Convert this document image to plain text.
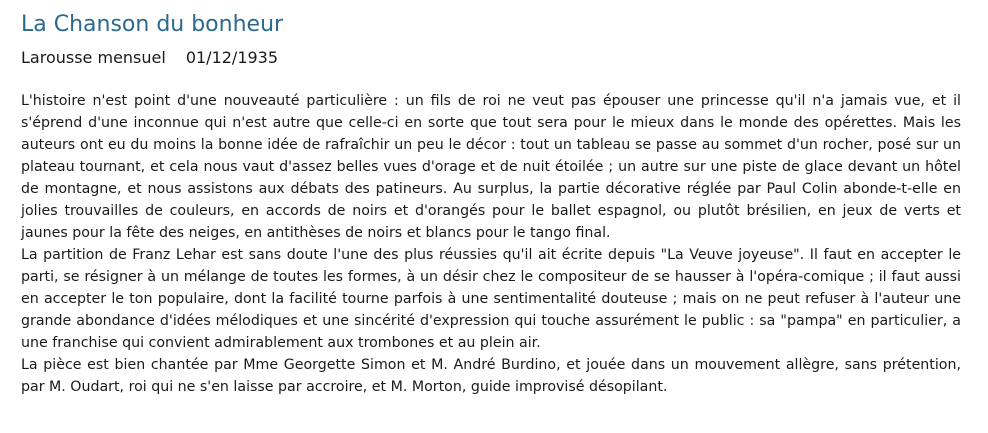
La Chanson du bonheur
Larousse mensuel 01/12/1935

L'histoire n'est point d'une nouveauté particulière : un fils de roi ne veut pas épouser une princesse qu'il n'a jamais vue, et il s'éprend d'une inconnue qui n'est autre que celle-ci en sorte que tout sera pour le mieux dans le monde des opérettes. Mais les auteurs ont eu du moins la bonne idée de rafraîchir un peu le décor : tout un tableau se passe au sommet d'un rocher, posé sur un plateau tournant, et cela nous vaut d'assez belles vues d'orage et de nuit étoilée ; un autre sur une piste de glace devant un hôtel de montagne, et nous assistons aux débats des patineurs. Au surplus, la partie décorative réglée par Paul Colin abonde-t-elle en jolies trouvailles de couleurs, en accords de noirs et d'orangés pour le ballet espagnol, ou plutôt brésilien, en jeux de verts et jaunes pour la fête des neiges, en antithèses de noirs et blancs pour le tango final.

La partition de Franz Lehar est sans doute l'une des plus réussies qu'il ait écrite depuis "La Veuve joyeuse". Il faut en accepter le parti, se résigner à un mélange de toutes les formes, à un désir chez le compositeur de se hausser à l'opéra-comique ; il faut aussi en accepter le ton populaire, dont la facilité tourne parfois à une sentimentalité douteuse ; mais on ne peut refuser à l'auteur une grande abondance d'idées mélodiques et une sincérité d'expression qui touche assurément le public : sa "pampa" en particulier, a une franchise qui convient admirablement aux trombones et au plein air.

La pièce est bien chantée par Mme Georgette Simon et M. André Burdino, et jouée dans un mouvement allègre, sans prétention, par M. Oudart, roi qui ne s'en laisse par accroire, et M. Morton, guide improvisé désopilant.
